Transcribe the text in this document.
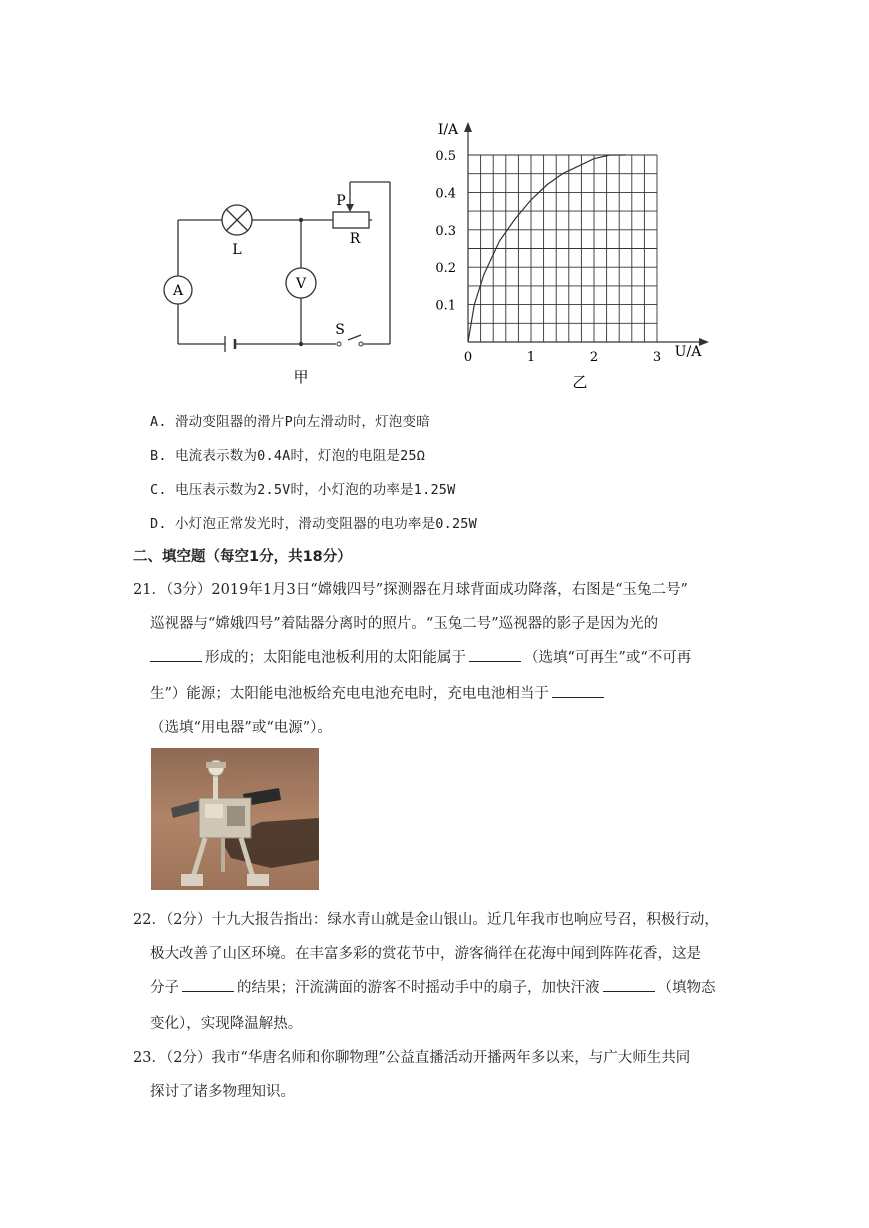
L
A	V
P
R
S
甲
I/A
U/A
0.1
0.2
0.3
0.4
0.5
0	1	2	3
乙
A. 滑动变阻器的滑片P向左滑动时，灯泡变暗
B. 电流表示数为0.4A时，灯泡的电阻是25Ω
C. 电压表示数为2.5V时，小灯泡的功率是1.25W
D. 小灯泡正常发光时，滑动变阻器的电功率是0.25W
二、填空题（每空1分，共18分）
21．（3分）2019年1月3日“嫦娥四号”探测器在月球背面成功降落，右图是“玉兔二号”
巡视器与“嫦娥四号”着陆器分离时的照片。“玉兔二号”巡视器的影子是因为光的
形成的；太阳能电池板利用的太阳能属于	（选填“可再生”或“不可再
生”）能源；太阳能电池板给充电电池充电时，充电电池相当于
（选填“用电器”或“电源”）。
22．（2分）十九大报告指出：绿水青山就是金山银山。近几年我市也响应号召，积极行动，
极大改善了山区环境。在丰富多彩的赏花节中，游客徜徉在花海中闻到阵阵花香，这是
分子	的结果；汗流满面的游客不时摇动手中的扇子，加快汗液	（填物态
变化），实现降温解热。
23．（2分）我市“华唐名师和你聊物理”公益直播活动开播两年多以来，与广大师生共同
探讨了诸多物理知识。
